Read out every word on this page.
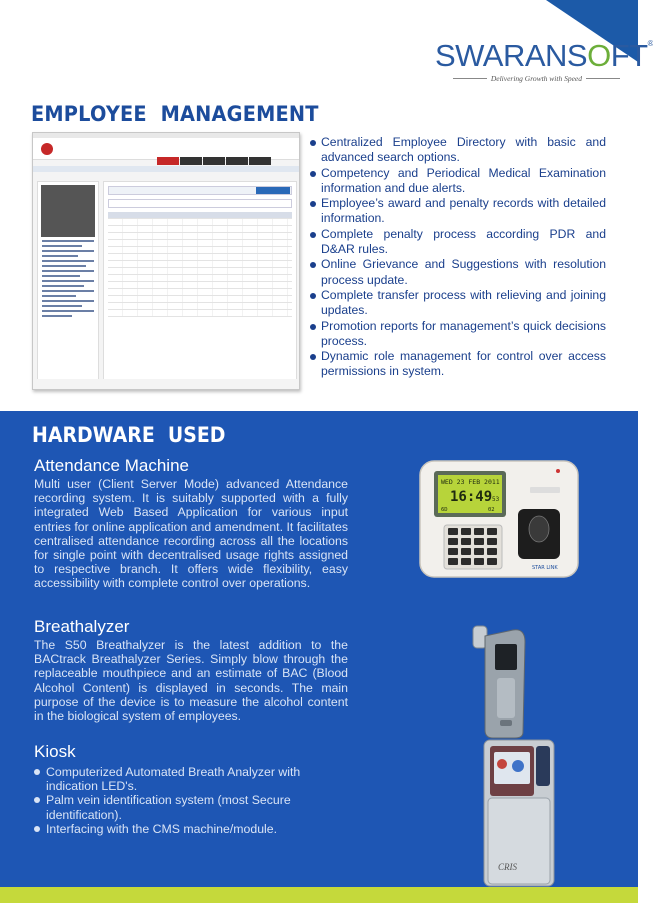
SWARANSOFT®
Delivering Growth with Speed
EMPLOYEE  MANAGEMENT
Centralized Employee Directory with basic and advanced search options.
Competency and Periodical Medical Examination information and due alerts.
Employee’s award and penalty records with detailed information.
Complete penalty process according PDR and D&AR rules.
Online Grievance and Suggestions with resolution process update.
Complete transfer process with relieving and joining updates.
Promotion reports for management’s quick decisions process.
Dynamic role management for control over access permissions in system.
HARDWARE  USED
Attendance Machine
Multi user (Client Server Mode) advanced Attendance recording system. It is suitably supported with a fully integrated Web Based Application for various input entries for online application and amendment. It facilitates centralised attendance recording across all the locations for single point with decentralised usage rights assigned to respective branch. It offers wide flexibility, easy accessibility with complete control over operations.
Breathalyzer
The S50 Breathalyzer is the latest addition to the BACtrack Breathalyzer Series. Simply blow through the replaceable mouthpiece and an estimate of BAC (Blood Alcohol Content) is displayed in seconds. The main purpose of the device is to measure the alcohol content in the biological system of employees.
Kiosk
Computerized Automated Breath Analyzer with indication LED's.
Palm vein identification system (most Secure identification).
Interfacing with the CMS machine/module.
WED 23 FEB 2011
16:49 53
6D	02
STAR LINK
CRIS
